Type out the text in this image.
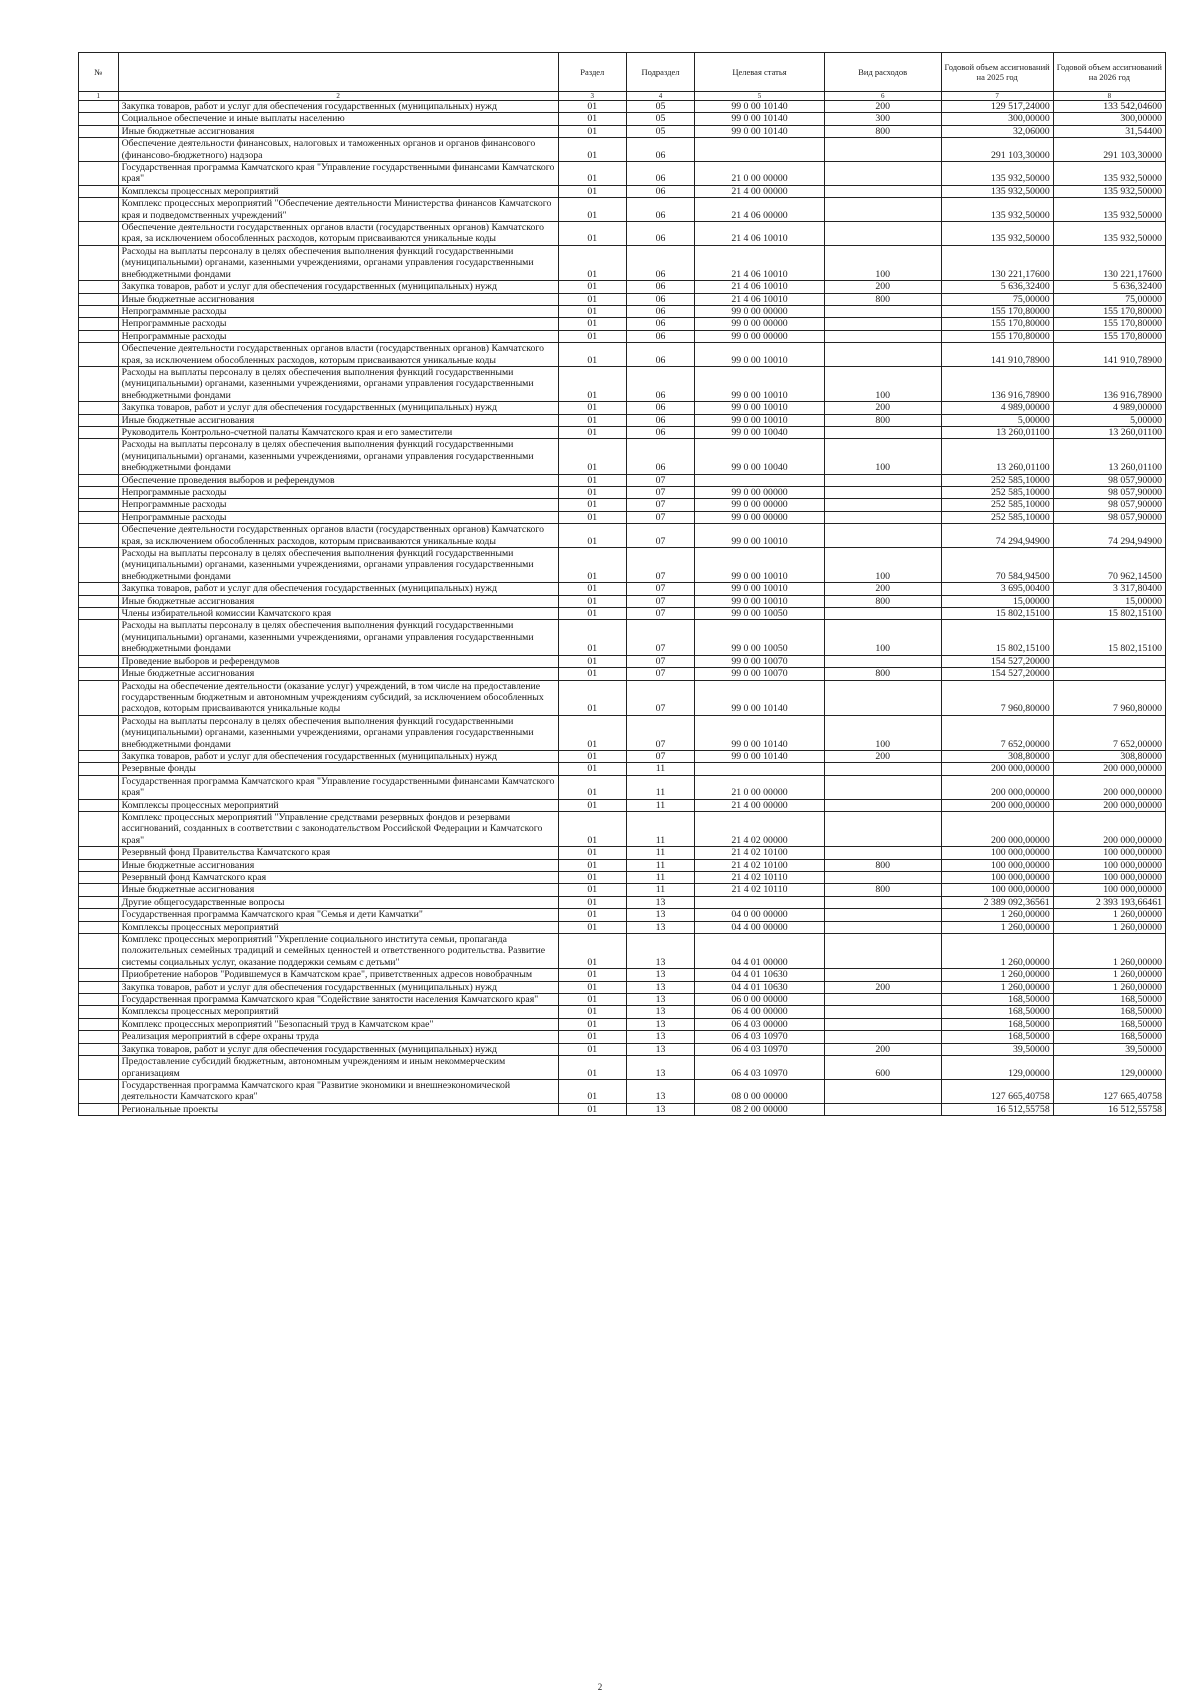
№		Раздел	Подраздел	Целевая статья	Вид расходов	Годовой объем ассигнований на 2025 год	Годовой объем ассигнований на 2026 год
1	2	3	4	5	6	7	8
	Закупка товаров, работ и услуг для обеспечения государственных (муниципальных) нужд	01	05	99 0 00 10140	200	129 517,24000	133 542,04600
	Социальное обеспечение и иные выплаты населению	01	05	99 0 00 10140	300	300,00000	300,00000
	Иные бюджетные ассигнования	01	05	99 0 00 10140	800	32,06000	31,54400
	Обеспечение деятельности финансовых, налоговых и таможенных органов и органов финансового (финансово-бюджетного) надзора	01	06			291 103,30000	291 103,30000
	Государственная программа Камчатского края "Управление государственными финансами Камчатского края"	01	06	21 0 00 00000		135 932,50000	135 932,50000
	Комплексы процессных мероприятий	01	06	21 4 00 00000		135 932,50000	135 932,50000
	Комплекс процессных мероприятий "Обеспечение деятельности Министерства финансов Камчатского края и подведомственных учреждений"	01	06	21 4 06 00000		135 932,50000	135 932,50000
	Обеспечение деятельности государственных органов власти (государственных органов) Камчатского края, за исключением обособленных расходов, которым присваиваются уникальные коды	01	06	21 4 06 10010		135 932,50000	135 932,50000
	Расходы на выплаты персоналу в целях обеспечения выполнения функций государственными (муниципальными) органами, казенными учреждениями, органами управления государственными внебюджетными фондами	01	06	21 4 06 10010	100	130 221,17600	130 221,17600
	Закупка товаров, работ и услуг для обеспечения государственных (муниципальных) нужд	01	06	21 4 06 10010	200	5 636,32400	5 636,32400
	Иные бюджетные ассигнования	01	06	21 4 06 10010	800	75,00000	75,00000
	Непрограммные расходы	01	06	99 0 00 00000		155 170,80000	155 170,80000
	Непрограммные расходы	01	06	99 0 00 00000		155 170,80000	155 170,80000
	Непрограммные расходы	01	06	99 0 00 00000		155 170,80000	155 170,80000
	Обеспечение деятельности государственных органов власти (государственных органов) Камчатского края, за исключением обособленных расходов, которым присваиваются уникальные коды	01	06	99 0 00 10010		141 910,78900	141 910,78900
	Расходы на выплаты персоналу в целях обеспечения выполнения функций государственными (муниципальными) органами, казенными учреждениями, органами управления государственными внебюджетными фондами	01	06	99 0 00 10010	100	136 916,78900	136 916,78900
	Закупка товаров, работ и услуг для обеспечения государственных (муниципальных) нужд	01	06	99 0 00 10010	200	4 989,00000	4 989,00000
	Иные бюджетные ассигнования	01	06	99 0 00 10010	800	5,00000	5,00000
	Руководитель Контрольно-счетной палаты Камчатского края и его заместители	01	06	99 0 00 10040		13 260,01100	13 260,01100
	Расходы на выплаты персоналу в целях обеспечения выполнения функций государственными (муниципальными) органами, казенными учреждениями, органами управления государственными внебюджетными фондами	01	06	99 0 00 10040	100	13 260,01100	13 260,01100
	Обеспечение проведения выборов и референдумов	01	07			252 585,10000	98 057,90000
	Непрограммные расходы	01	07	99 0 00 00000		252 585,10000	98 057,90000
	Непрограммные расходы	01	07	99 0 00 00000		252 585,10000	98 057,90000
	Непрограммные расходы	01	07	99 0 00 00000		252 585,10000	98 057,90000
	Обеспечение деятельности государственных органов власти (государственных органов) Камчатского края, за исключением обособленных расходов, которым присваиваются уникальные коды	01	07	99 0 00 10010		74 294,94900	74 294,94900
	Расходы на выплаты персоналу в целях обеспечения выполнения функций государственными (муниципальными) органами, казенными учреждениями, органами управления государственными внебюджетными фондами	01	07	99 0 00 10010	100	70 584,94500	70 962,14500
	Закупка товаров, работ и услуг для обеспечения государственных (муниципальных) нужд	01	07	99 0 00 10010	200	3 695,00400	3 317,80400
	Иные бюджетные ассигнования	01	07	99 0 00 10010	800	15,00000	15,00000
	Члены избирательной комиссии Камчатского края	01	07	99 0 00 10050		15 802,15100	15 802,15100
	Расходы на выплаты персоналу в целях обеспечения выполнения функций государственными (муниципальными) органами, казенными учреждениями, органами управления государственными внебюджетными фондами	01	07	99 0 00 10050	100	15 802,15100	15 802,15100
	Проведение выборов и референдумов	01	07	99 0 00 10070		154 527,20000	
	Иные бюджетные ассигнования	01	07	99 0 00 10070	800	154 527,20000	
	Расходы на обеспечение деятельности (оказание услуг) учреждений, в том числе на предоставление государственным бюджетным и автономным учреждениям субсидий, за исключением обособленных расходов, которым присваиваются уникальные коды	01	07	99 0 00 10140		7 960,80000	7 960,80000
	Расходы на выплаты персоналу в целях обеспечения выполнения функций государственными (муниципальными) органами, казенными учреждениями, органами управления государственными внебюджетными фондами	01	07	99 0 00 10140	100	7 652,00000	7 652,00000
	Закупка товаров, работ и услуг для обеспечения государственных (муниципальных) нужд	01	07	99 0 00 10140	200	308,80000	308,80000
	Резервные фонды	01	11			200 000,00000	200 000,00000
	Государственная программа Камчатского края "Управление государственными финансами Камчатского края"	01	11	21 0 00 00000		200 000,00000	200 000,00000
	Комплексы процессных мероприятий	01	11	21 4 00 00000		200 000,00000	200 000,00000
	Комплекс процессных мероприятий "Управление средствами резервных фондов и резервами ассигнований, созданных в соответствии с законодательством Российской Федерации и Камчатского края"	01	11	21 4 02 00000		200 000,00000	200 000,00000
	Резервный фонд Правительства Камчатского края	01	11	21 4 02 10100		100 000,00000	100 000,00000
	Иные бюджетные ассигнования	01	11	21 4 02 10100	800	100 000,00000	100 000,00000
	Резервный фонд Камчатского края	01	11	21 4 02 10110		100 000,00000	100 000,00000
	Иные бюджетные ассигнования	01	11	21 4 02 10110	800	100 000,00000	100 000,00000
	Другие общегосударственные вопросы	01	13			2 389 092,36561	2 393 193,66461
	Государственная программа Камчатского края "Семья и дети Камчатки"	01	13	04 0 00 00000		1 260,00000	1 260,00000
	Комплексы процессных мероприятий	01	13	04 4 00 00000		1 260,00000	1 260,00000
	Комплекс процессных мероприятий "Укрепление социального института семьи, пропаганда положительных семейных традиций и семейных ценностей и ответственного родительства. Развитие системы социальных услуг, оказание поддержки семьям с детьми"	01	13	04 4 01 00000		1 260,00000	1 260,00000
	Приобретение наборов "Родившемуся в Камчатском крае", приветственных адресов новобрачным	01	13	04 4 01 10630		1 260,00000	1 260,00000
	Закупка товаров, работ и услуг для обеспечения государственных (муниципальных) нужд	01	13	04 4 01 10630	200	1 260,00000	1 260,00000
	Государственная программа Камчатского края "Содействие занятости населения Камчатского края"	01	13	06 0 00 00000		168,50000	168,50000
	Комплексы процессных мероприятий	01	13	06 4 00 00000		168,50000	168,50000
	Комплекс процессных мероприятий "Безопасный труд в Камчатском крае"	01	13	06 4 03 00000		168,50000	168,50000
	Реализация мероприятий в сфере охраны труда	01	13	06 4 03 10970		168,50000	168,50000
	Закупка товаров, работ и услуг для обеспечения государственных (муниципальных) нужд	01	13	06 4 03 10970	200	39,50000	39,50000
	Предоставление субсидий бюджетным, автономным учреждениям и иным некоммерческим организациям	01	13	06 4 03 10970	600	129,00000	129,00000
	Государственная программа Камчатского края "Развитие экономики и внешнеэкономической деятельности Камчатского края"	01	13	08 0 00 00000		127 665,40758	127 665,40758
	Региональные проекты	01	13	08 2 00 00000		16 512,55758	16 512,55758
2
